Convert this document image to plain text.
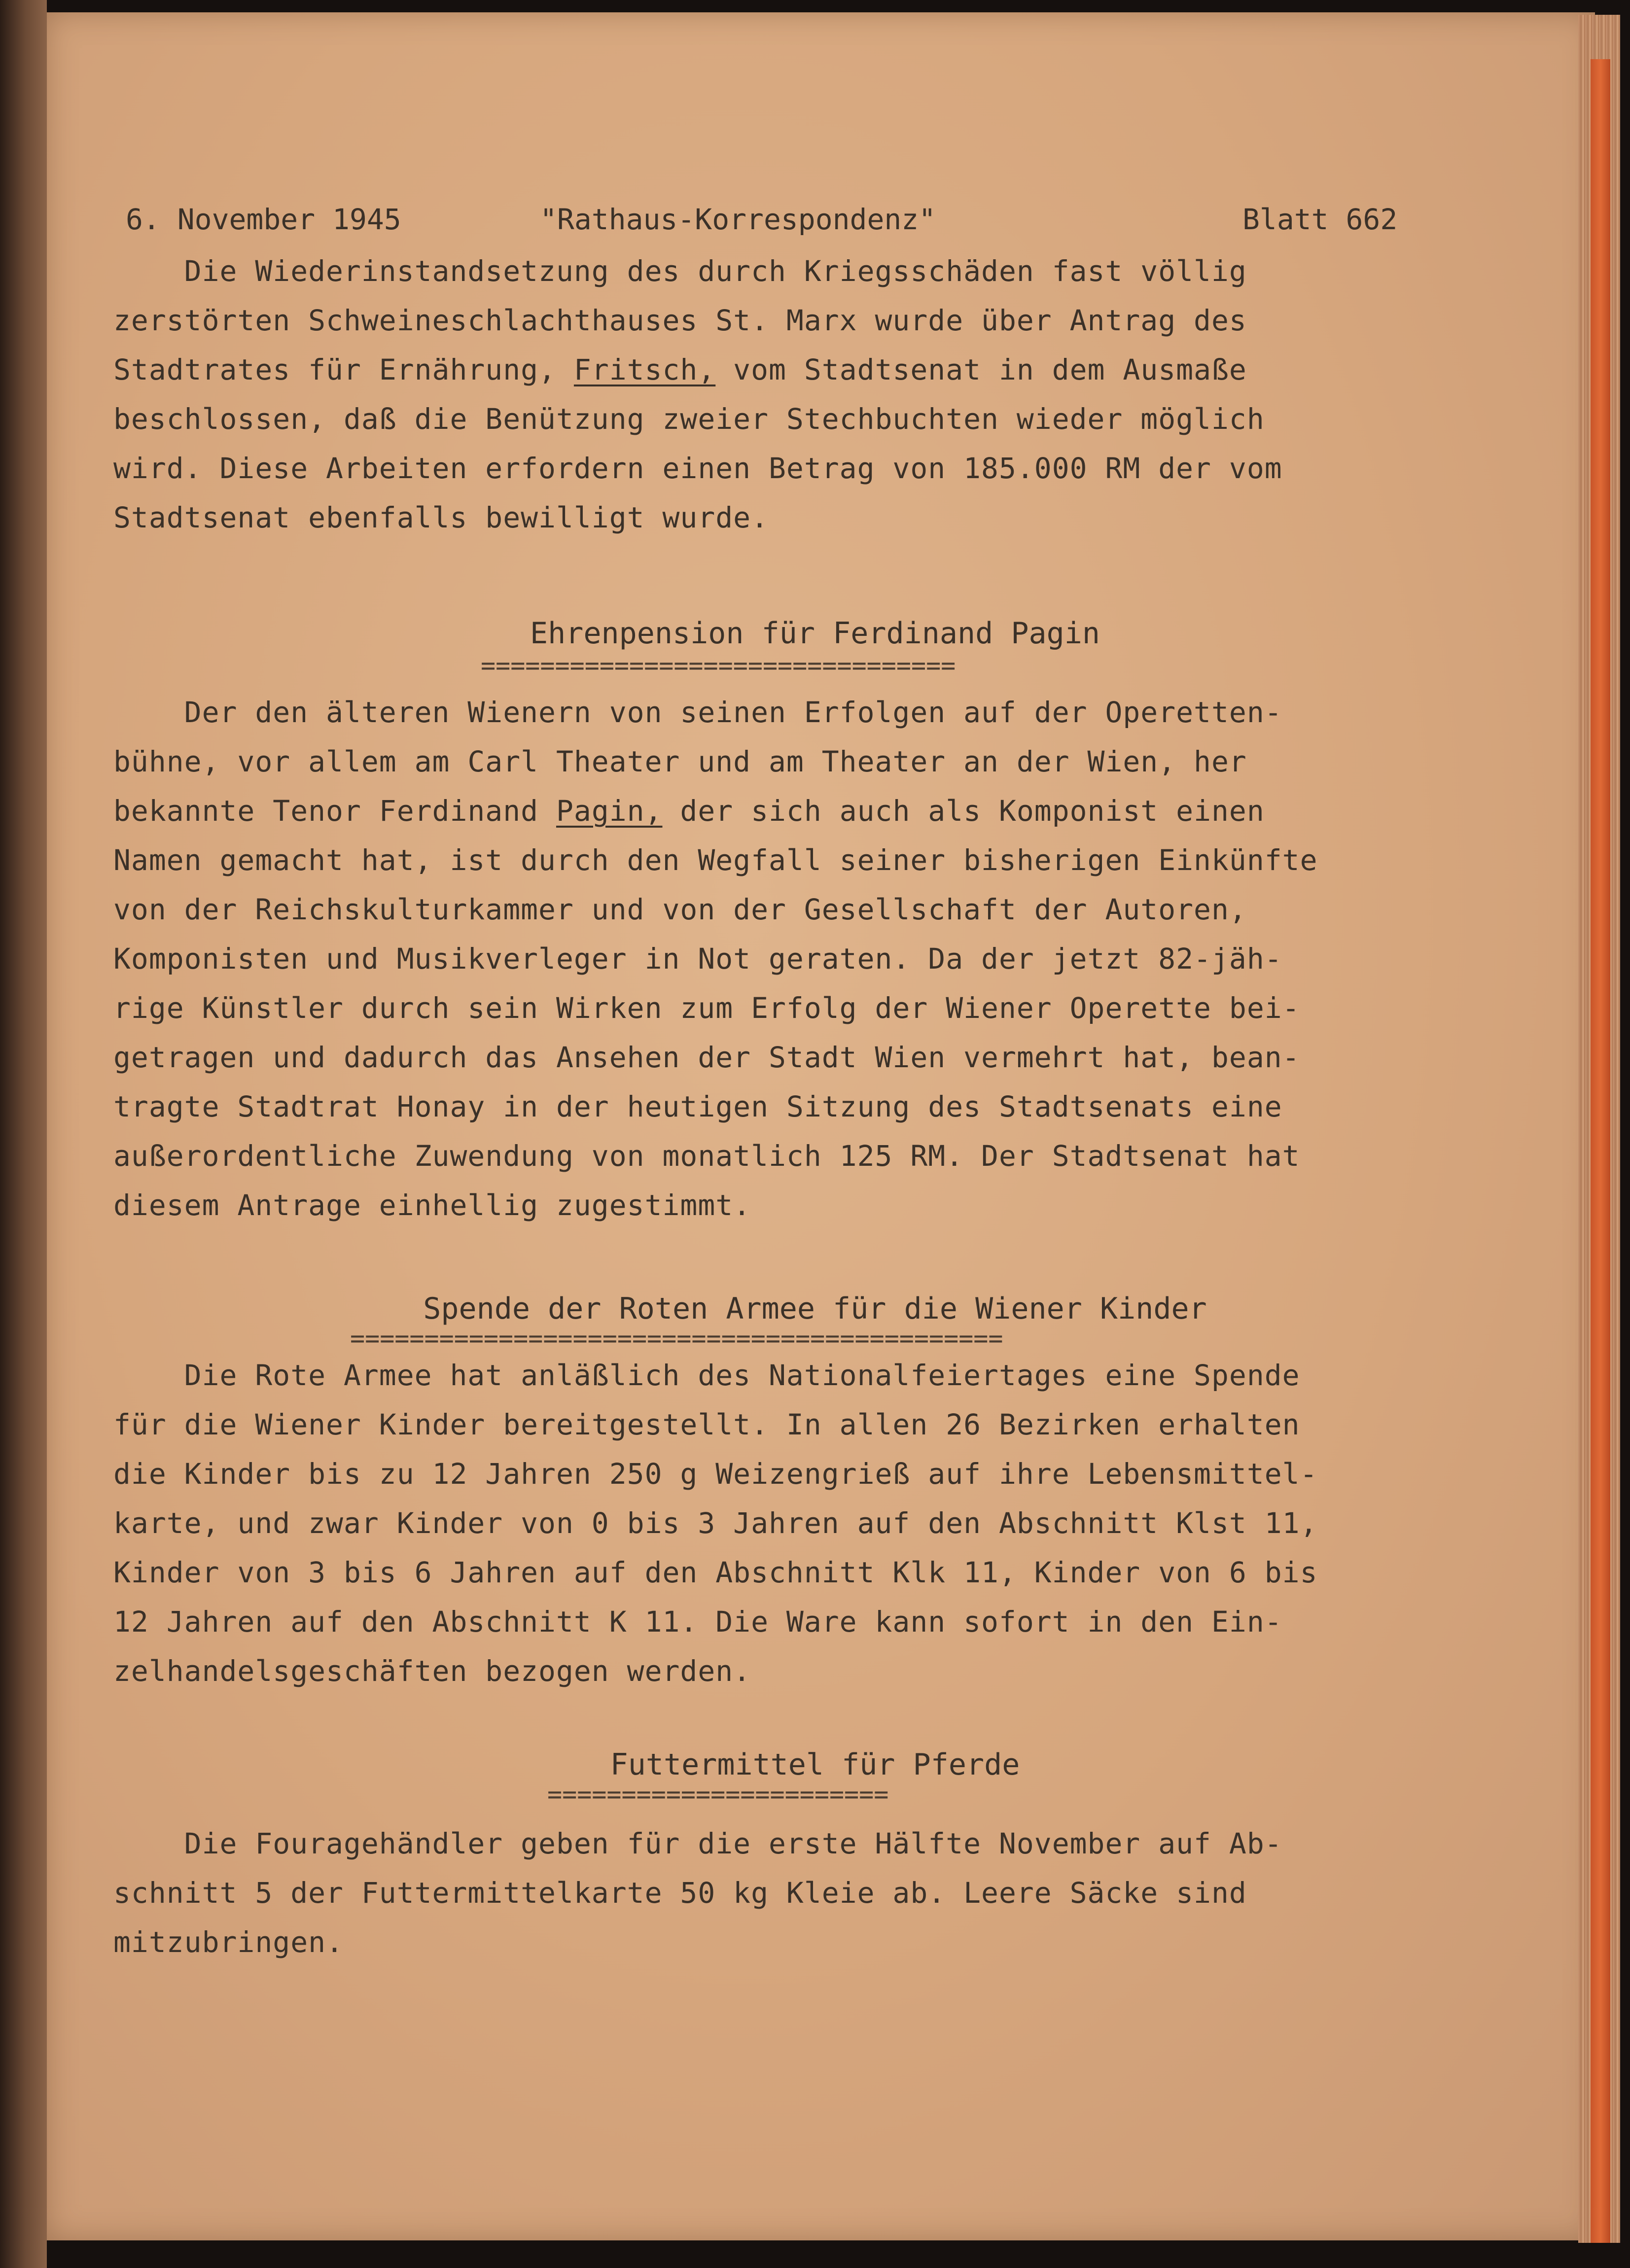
6. November 1945	"Rathaus-Korrespondenz"	Blatt 662
Die Wiederinstandsetzung des durch Kriegsschäden fast völlig
zerstörten Schweineschlachthauses St. Marx wurde über Antrag des
Stadtrates für Ernährung, Fritsch, vom Stadtsenat in dem Ausmaße
beschlossen, daß die Benützung zweier Stechbuchten wieder möglich
wird. Diese Arbeiten erfordern einen Betrag von 185.000 RM der vom
Stadtsenat ebenfalls bewilligt wurde.
Ehrenpension für Ferdinand Pagin
================================
Der den älteren Wienern von seinen Erfolgen auf der Operetten-
bühne, vor allem am Carl Theater und am Theater an der Wien, her
bekannte Tenor Ferdinand Pagin, der sich auch als Komponist einen
Namen gemacht hat, ist durch den Wegfall seiner bisherigen Einkünfte
von der Reichskulturkammer und von der Gesellschaft der Autoren,
Komponisten und Musikverleger in Not geraten. Da der jetzt 82-jäh-
rige Künstler durch sein Wirken zum Erfolg der Wiener Operette bei-
getragen und dadurch das Ansehen der Stadt Wien vermehrt hat, bean-
tragte Stadtrat Honay in der heutigen Sitzung des Stadtsenats eine
außerordentliche Zuwendung von monatlich 125 RM. Der Stadtsenat hat
diesem Antrage einhellig zugestimmt.
Spende der Roten Armee für die Wiener Kinder
============================================
Die Rote Armee hat anläßlich des Nationalfeiertages eine Spende
für die Wiener Kinder bereitgestellt. In allen 26 Bezirken erhalten
die Kinder bis zu 12 Jahren 250 g Weizengrieß auf ihre Lebensmittel-
karte, und zwar Kinder von 0 bis 3 Jahren auf den Abschnitt Klst 11,
Kinder von 3 bis 6 Jahren auf den Abschnitt Klk 11, Kinder von 6 bis
12 Jahren auf den Abschnitt K 11. Die Ware kann sofort in den Ein-
zelhandelsgeschäften bezogen werden.
Futtermittel für Pferde
=======================
Die Fouragehändler geben für die erste Hälfte November auf Ab-
schnitt 5 der Futtermittelkarte 50 kg Kleie ab. Leere Säcke sind
mitzubringen.
